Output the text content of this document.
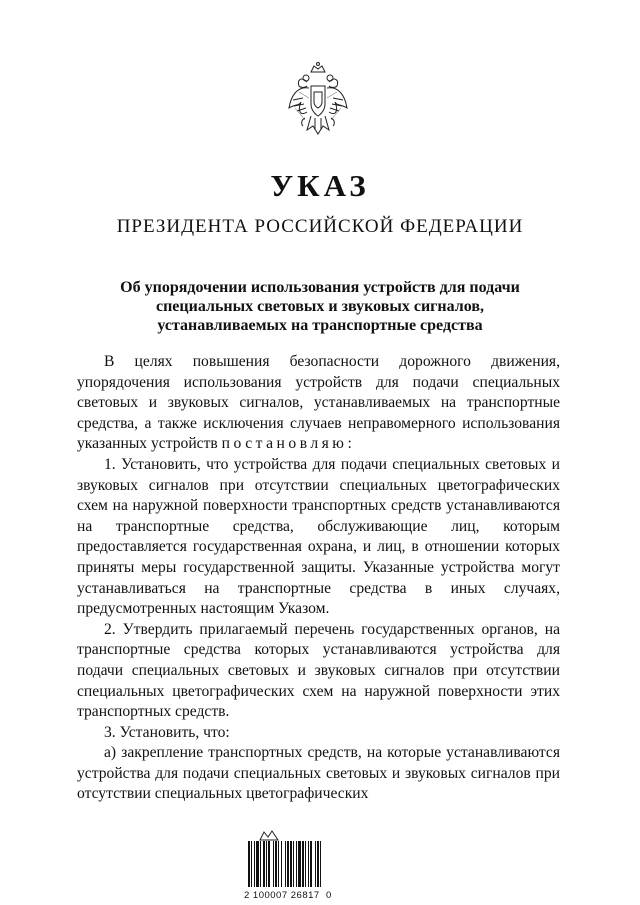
УКАЗ
ПРЕЗИДЕНТА РОССИЙСКОЙ ФЕДЕРАЦИИ
Об упорядочении использования устройств для подачи
специальных световых и звуковых сигналов,
устанавливаемых на транспортные средства

В целях повышения безопасности дорожного движения, упорядочения использования устройств для подачи специальных световых и звуковых сигналов, устанавливаемых на транспортные средства, а также исключения случаев неправомерного использования указанных устройств постановляю:

1. Установить, что устройства для подачи специальных световых и звуковых сигналов при отсутствии специальных цветографических схем на наружной поверхности транспортных средств устанавливаются на транспортные средства, обслуживающие лиц, которым предоставляется государственная охрана, и лиц, в отношении которых приняты меры государственной защиты. Указанные устройства могут устанавливаться на транспортные средства в иных случаях, предусмотренных настоящим Указом.

2. Утвердить прилагаемый перечень государственных органов, на транспортные средства которых устанавливаются устройства для подачи специальных световых и звуковых сигналов при отсутствии специальных цветографических схем на наружной поверхности этих транспортных средств.

3. Установить, что:

а) закрепление транспортных средств, на которые устанавливаются устройства для подачи специальных световых и звуковых сигналов при отсутствии специальных цветографических

2 100007 26817  0
